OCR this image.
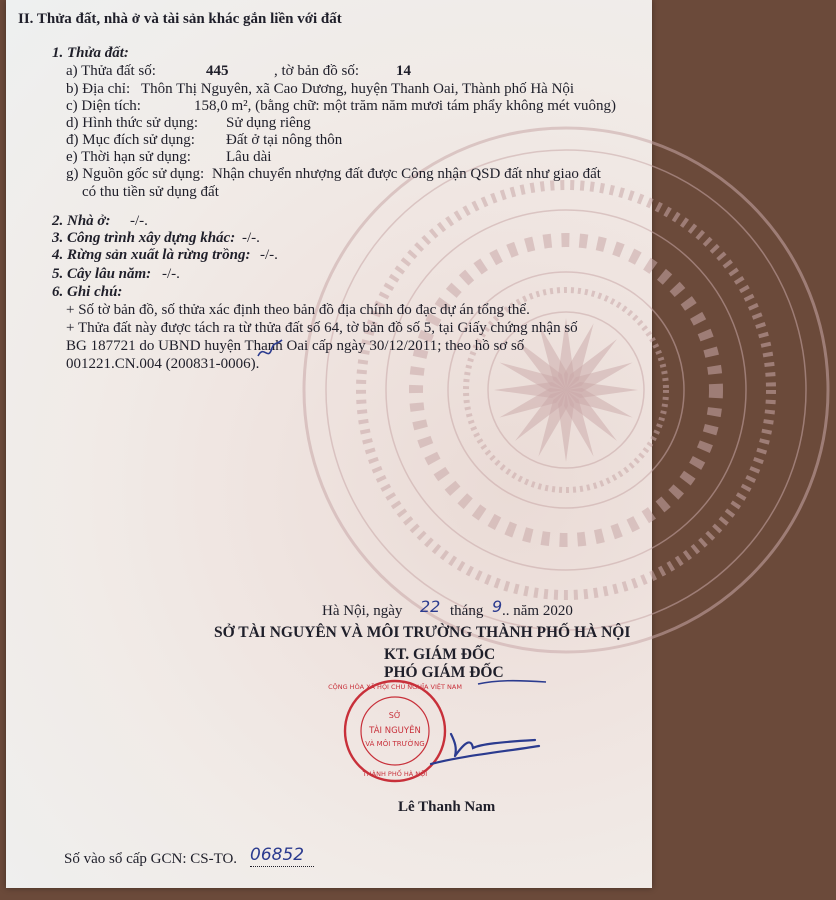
II. Thửa đất, nhà ở và tài sản khác gắn liền với đất
1. Thửa đất:
a) Thửa đất số:	445	, tờ bản đồ số: 14
b) Địa chỉ: Thôn Thị Nguyên, xã Cao Dương, huyện Thanh Oai, Thành phố Hà Nội
c) Diện tích:	158,0 m², (bằng chữ: một trăm năm mươi tám phẩy không mét vuông)
d) Hình thức sử dụng: Sử dụng riêng
đ) Mục đích sử dụng: Đất ở tại nông thôn
e) Thời hạn sử dụng: Lâu dài
g) Nguồn gốc sử dụng: Nhận chuyển nhượng đất được Công nhận QSD đất như giao đất
có thu tiền sử dụng đất
2. Nhà ở: -/-.
3. Công trình xây dựng khác: -/-.
4. Rừng sản xuất là rừng trồng: -/-.
5. Cây lâu năm: -/-.
6. Ghi chú:
+ Số tờ bản đồ, số thửa xác định theo bản đồ địa chính đo đạc dự án tổng thể.
+ Thửa đất này được tách ra từ thửa đất số 64, tờ bản đồ số 5, tại Giấy chứng nhận số
BG 187721 do UBND huyện Thanh Oai cấp ngày 30/12/2011; theo hồ sơ số
001221.CN.004 (200831-0006).
Hà Nội, ngày 22 tháng 9 .. năm 2020
SỞ TÀI NGUYÊN VÀ MÔI TRƯỜNG THÀNH PHỐ HÀ NỘI
KT. GIÁM ĐỐC
PHÓ GIÁM ĐỐC
CỘNG HÒA XÃ HỘI CHỦ NGHĨA VIỆT NAM
SỞ
TÀI NGUYÊN
VÀ MÔI TRƯỜNG
THÀNH PHỐ HÀ NỘI
Lê Thanh Nam
Số vào sổ cấp GCN: CS-TO. 06852
